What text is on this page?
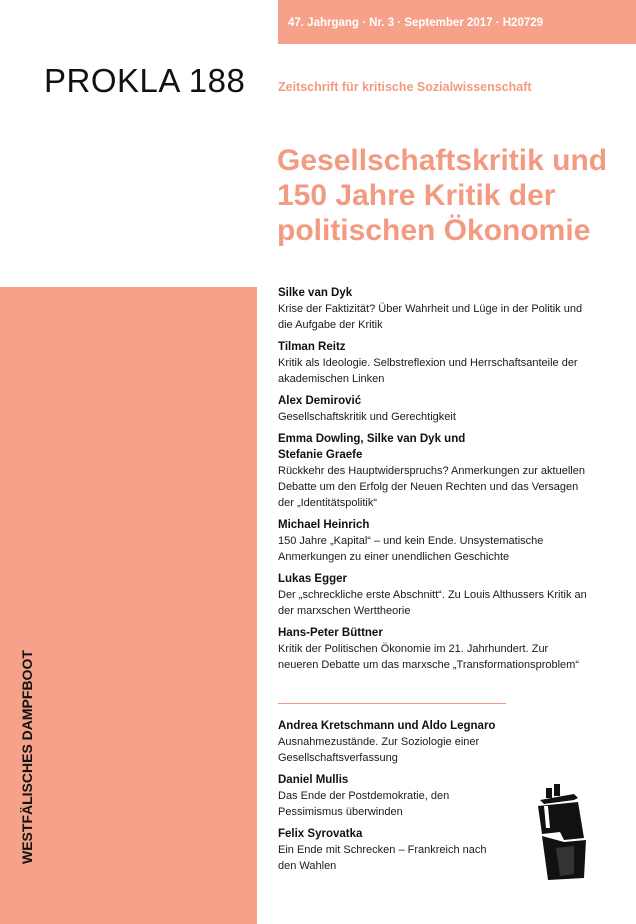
47. Jahrgang · Nr. 3 · September 2017 · H20729
PROKLA 188	Zeitschrift für kritische Sozialwissenschaft
Gesellschaftskritik und
150 Jahre Kritik der
politischen Ökonomie
WESTFÄLISCHES DAMPFBOOT
Silke van Dyk
Krise der Faktizität? Über Wahrheit und Lüge in der Politik und
die Aufgabe der Kritik
Tilman Reitz
Kritik als Ideologie. Selbstreflexion und Herrschaftsanteile der
akademischen Linken
Alex Demirović
Gesellschaftskritik und Gerechtigkeit
Emma Dowling, Silke van Dyk und
Stefanie Graefe
Rückkehr des Hauptwiderspruchs? Anmerkungen zur aktuellen
Debatte um den Erfolg der Neuen Rechten und das Versagen
der „Identitätspolitik“
Michael Heinrich
150 Jahre „Kapital“ – und kein Ende. Unsystematische
Anmerkungen zu einer unendlichen Geschichte
Lukas Egger
Der „schreckliche erste Abschnitt“. Zu Louis Althussers Kritik an
der marxschen Werttheorie
Hans-Peter Büttner
Kritik der Politischen Ökonomie im 21. Jahrhundert. Zur
neueren Debatte um das marxsche „Transformationsproblem“
Andrea Kretschmann und Aldo Legnaro
Ausnahmezustände. Zur Soziologie einer
Gesellschaftsverfassung
Daniel Mullis
Das Ende der Postdemokratie, den
Pessimismus überwinden
Felix Syrovatka
Ein Ende mit Schrecken – Frankreich nach
den Wahlen
